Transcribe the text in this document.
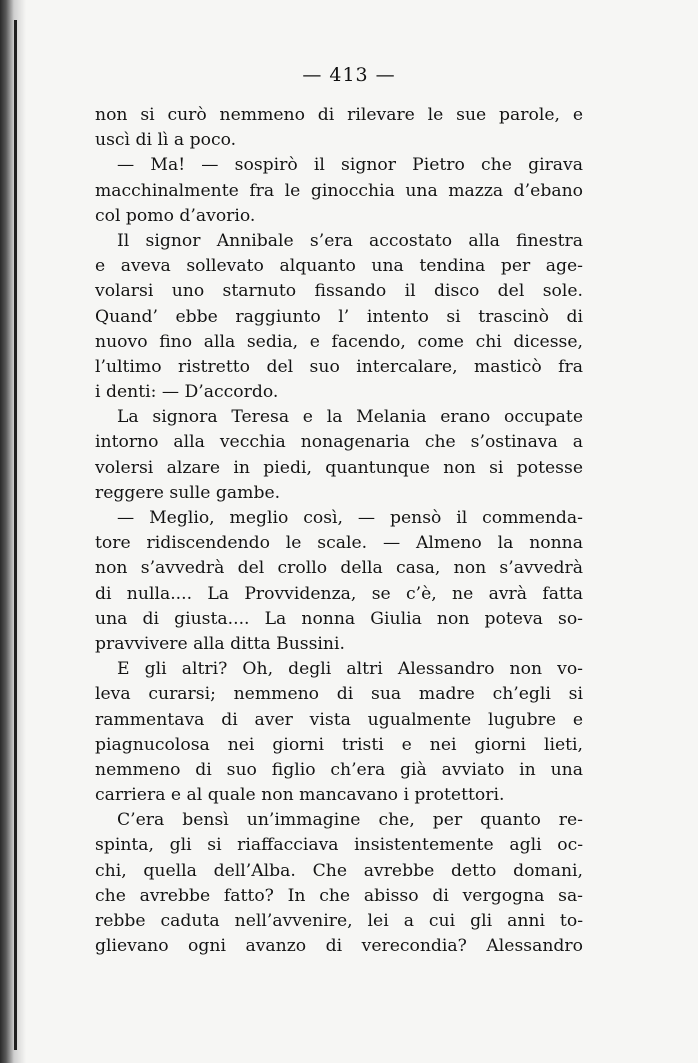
— 413 —
non si curò nemmeno di rilevare le sue parole, e
uscì di lì a poco.
— Ma! — sospirò il signor Pietro che girava
macchinalmente fra le ginocchia una mazza d’ebano
col pomo d’avorio.
Il signor Annibale s’era accostato alla finestra
e aveva sollevato alquanto una tendina per age-
volarsi uno starnuto fissando il disco del sole.
Quand’ ebbe raggiunto l’ intento si trascinò di
nuovo fino alla sedia, e facendo, come chi dicesse,
l’ultimo ristretto del suo intercalare, masticò fra
i denti: — D’accordo.
La signora Teresa e la Melania erano occupate
intorno alla vecchia nonagenaria che s’ostinava a
volersi alzare in piedi, quantunque non si potesse
reggere sulle gambe.
— Meglio, meglio così, — pensò il commenda-
tore ridiscendendo le scale. — Almeno la nonna
non s’avvedrà del crollo della casa, non s’avvedrà
di nulla.... La Provvidenza, se c’è, ne avrà fatta
una di giusta.... La nonna Giulia non poteva so-
pravvivere alla ditta Bussini.
E gli altri? Oh, degli altri Alessandro non vo-
leva curarsi; nemmeno di sua madre ch’egli si
rammentava di aver vista ugualmente lugubre e
piagnucolosa nei giorni tristi e nei giorni lieti,
nemmeno di suo figlio ch’era già avviato in una
carriera e al quale non mancavano i protettori.
C’era bensì un’immagine che, per quanto re-
spinta, gli si riaffacciava insistentemente agli oc-
chi, quella dell’Alba. Che avrebbe detto domani,
che avrebbe fatto? In che abisso di vergogna sa-
rebbe caduta nell’avvenire, lei a cui gli anni to-
glievano ogni avanzo di verecondia? Alessandro
